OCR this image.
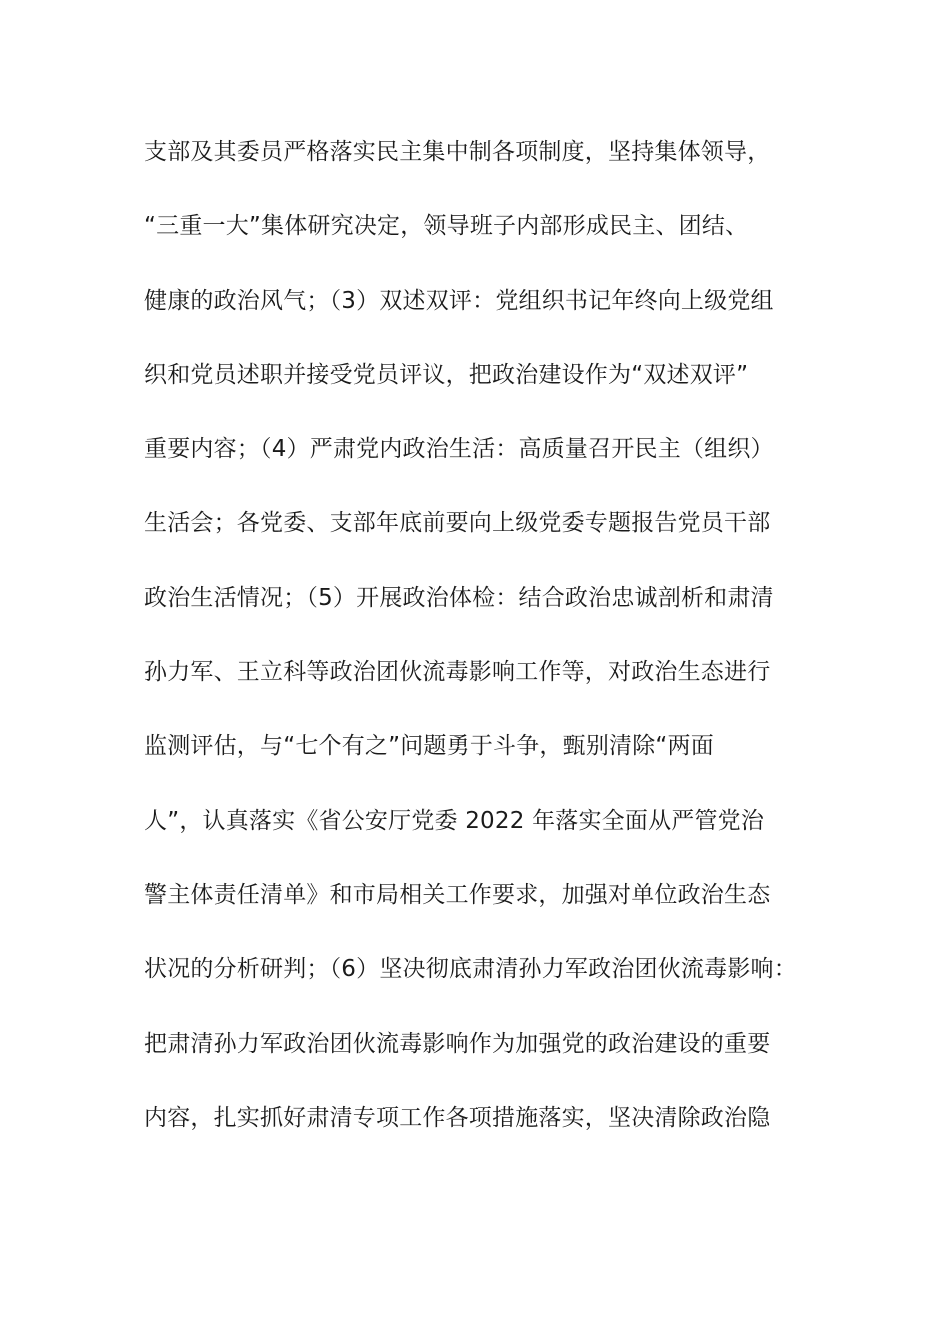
支部及其委员严格落实民主集中制各项制度，坚持集体领导，
“三重一大”集体研究决定，领导班子内部形成民主、团结、
健康的政治风气；（3）双述双评：党组织书记年终向上级党组
织和党员述职并接受党员评议，把政治建设作为“双述双评”
重要内容；（4）严肃党内政治生活：高质量召开民主（组织）
生活会；各党委、支部年底前要向上级党委专题报告党员干部
政治生活情况；（5）开展政治体检：结合政治忠诚剖析和肃清
孙力军、王立科等政治团伙流毒影响工作等，对政治生态进行
监测评估，与“七个有之”问题勇于斗争，甄别清除“两面
人”，认真落实《省公安厅党委 2022 年落实全面从严管党治
警主体责任清单》和市局相关工作要求，加强对单位政治生态
状况的分析研判；（6）坚决彻底肃清孙力军政治团伙流毒影响：
把肃清孙力军政治团伙流毒影响作为加强党的政治建设的重要
内容，扎实抓好肃清专项工作各项措施落实，坚决清除政治隐
